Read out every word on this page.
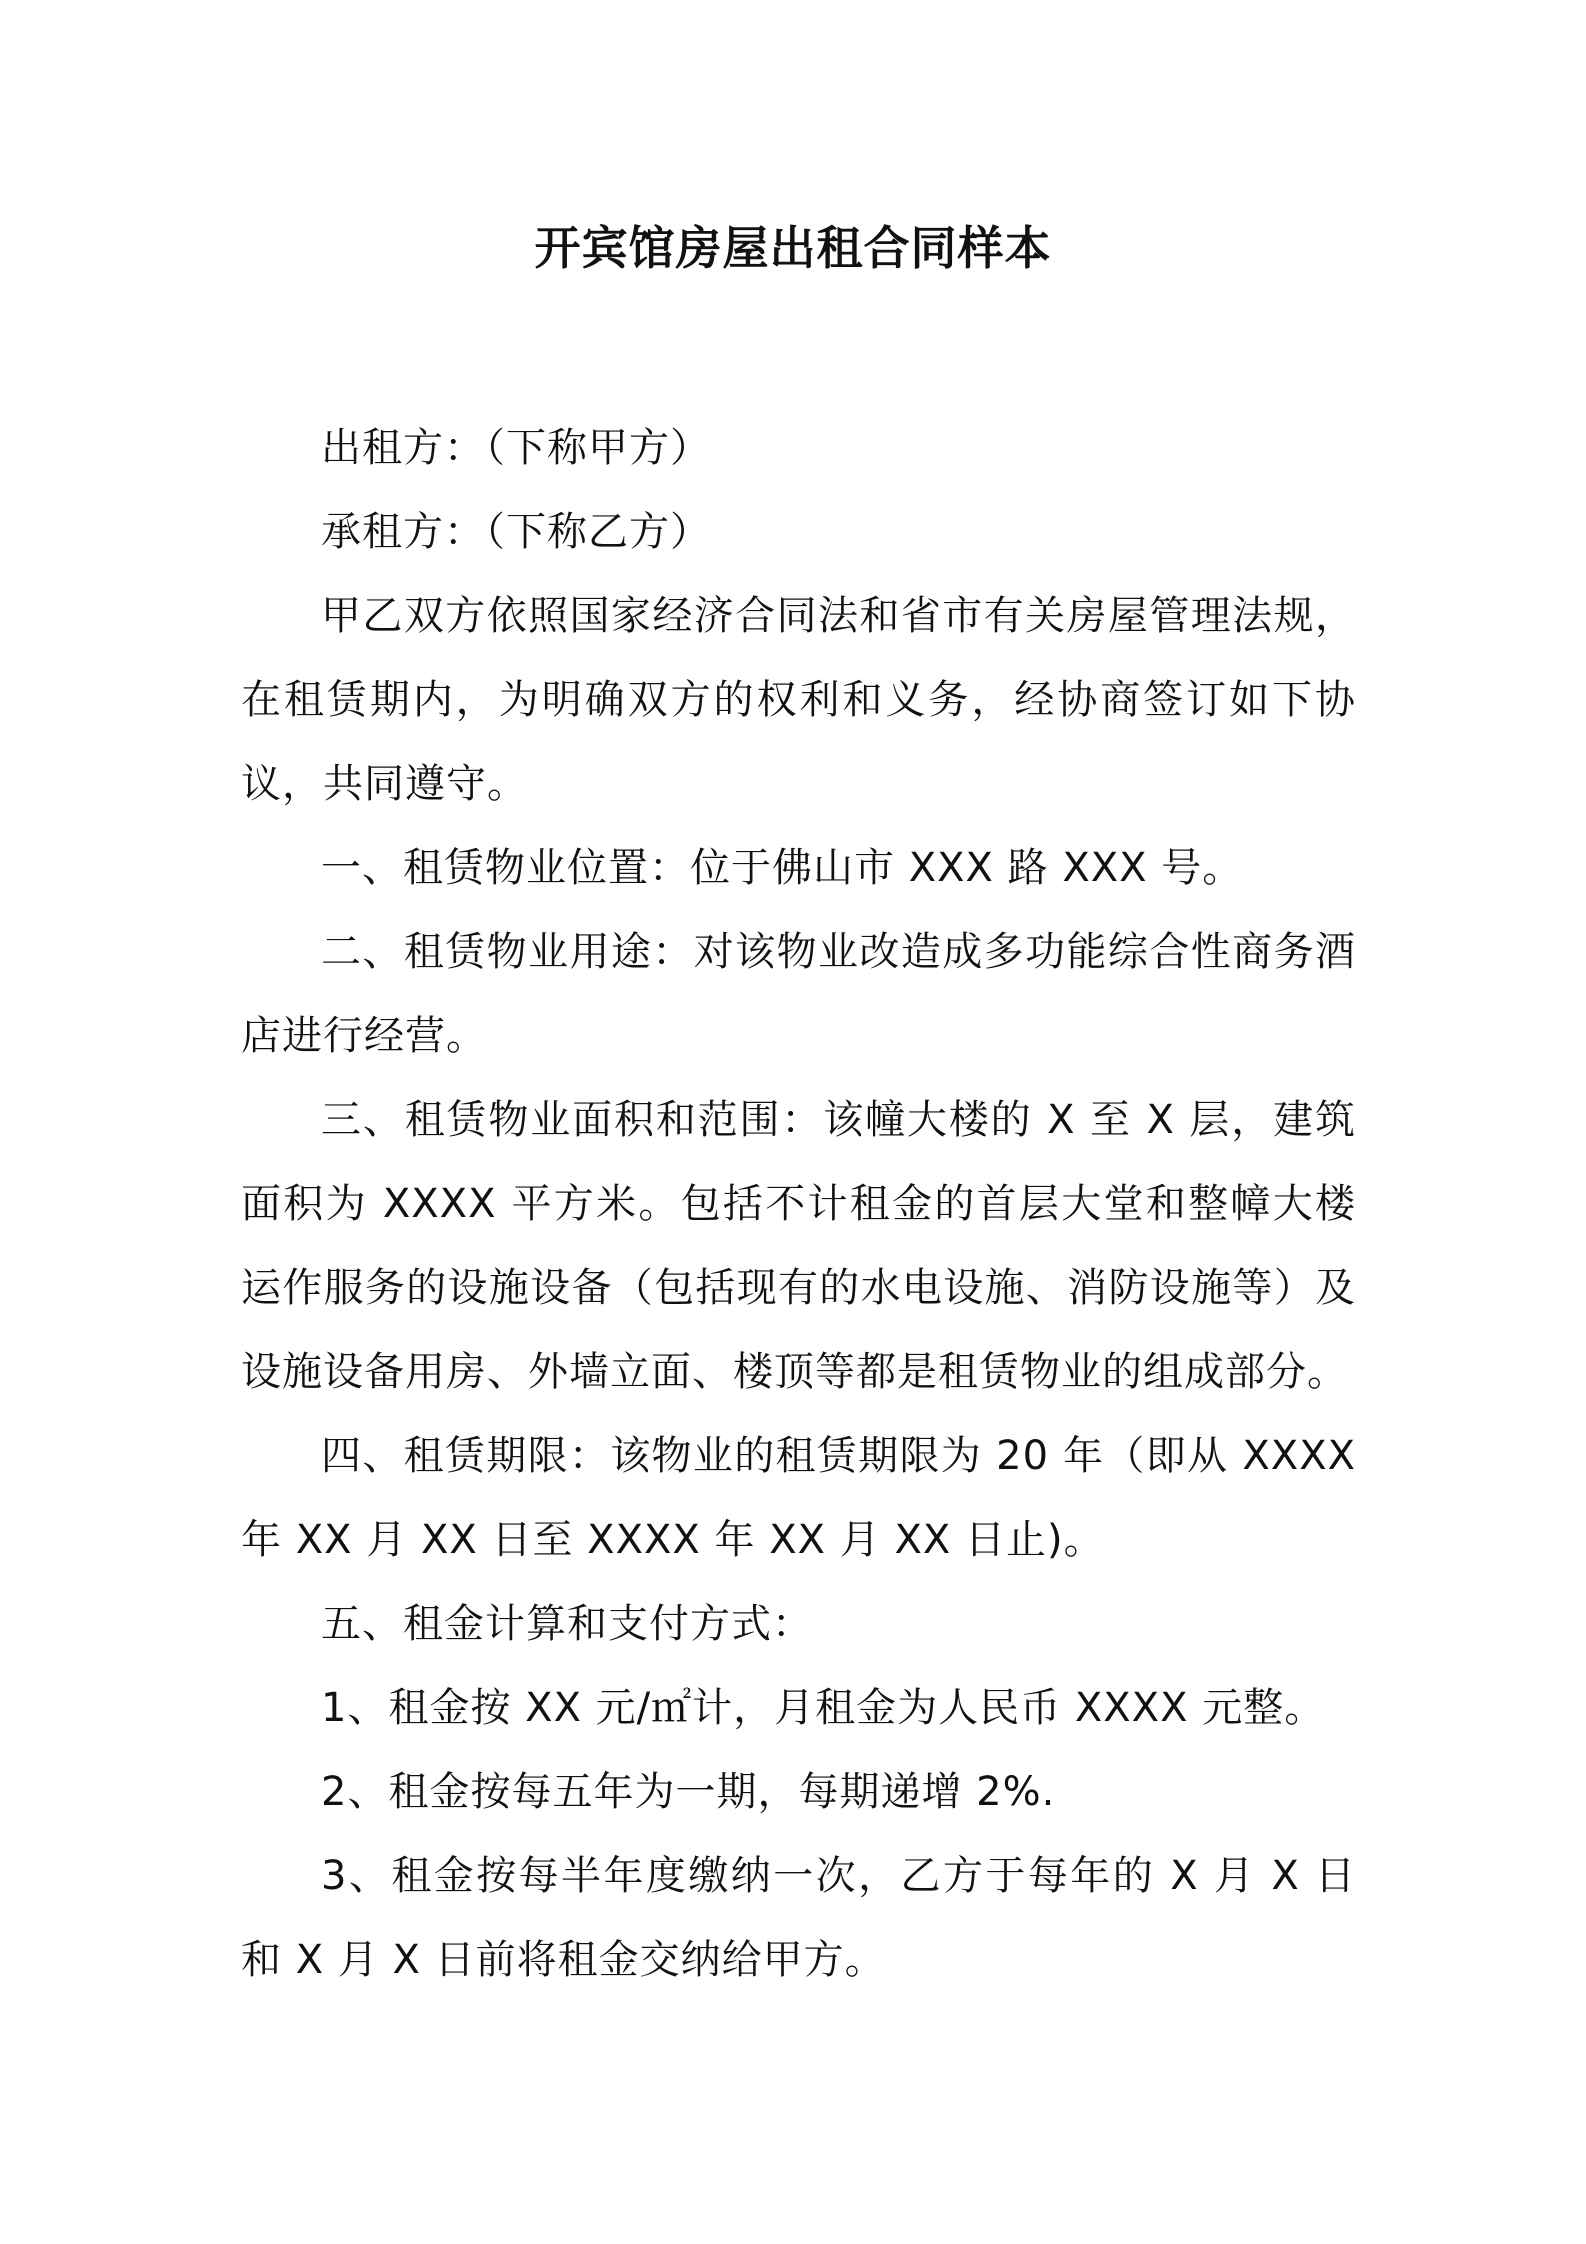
开宾馆房屋出租合同样本

出租方：（下称甲方）

承租方：（下称乙方）

甲乙双方依照国家经济合同法和省市有关房屋管理法规，在租赁期内，为明确双方的权利和义务，经协商签订如下协议，共同遵守。

一、租赁物业位置：位于佛山市 XXX 路 XXX 号。

二、租赁物业用途：对该物业改造成多功能综合性商务酒店进行经营。

三、租赁物业面积和范围：该幢大楼的 X 至 X 层，建筑面积为 XXXX 平方米。包括不计租金的首层大堂和整幛大楼运作服务的设施设备（包括现有的水电设施、消防设施等）及设施设备用房、外墙立面、楼顶等都是租赁物业的组成部分。

四、租赁期限：该物业的租赁期限为 20 年（即从 XXXX 年 XX 月 XX 日至 XXXX 年 XX 月 XX 日止)。

五、租金计算和支付方式：

1、租金按 XX 元/㎡计，月租金为人民币 XXXX 元整。

2、租金按每五年为一期，每期递增 2%.

3、租金按每半年度缴纳一次，乙方于每年的 X 月 X 日和 X 月 X 日前将租金交纳给甲方。
